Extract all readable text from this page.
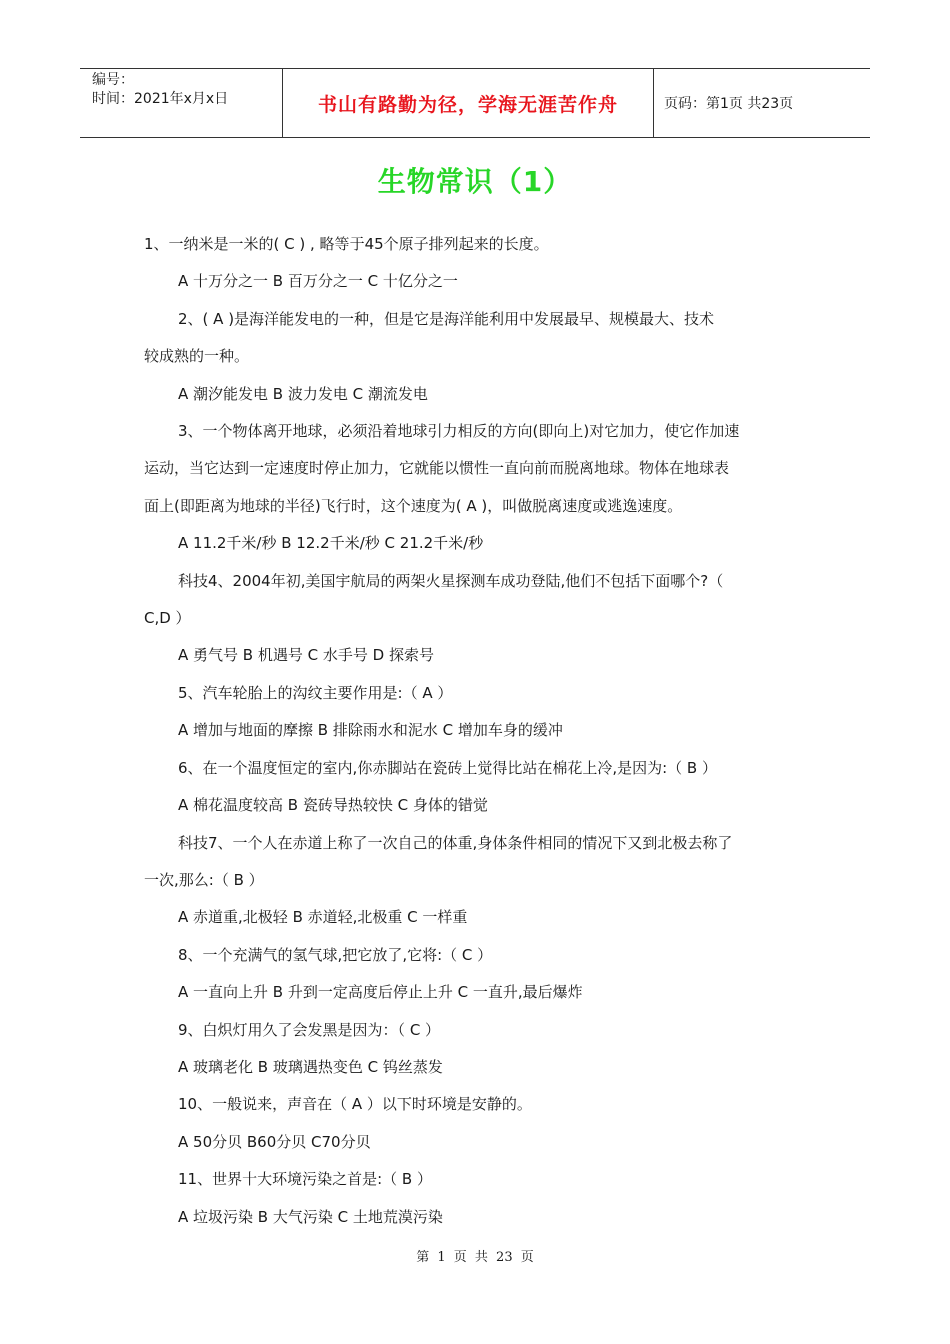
编号：
时间：2021年x月x日	书山有路勤为径，学海无涯苦作舟	页码：第1页 共23页
生物常识（1）
1、一纳米是一米的( C ) , 略等于45个原子排列起来的长度。
A 十万分之一 B 百万分之一 C 十亿分之一
2、( A )是海洋能发电的一种，但是它是海洋能利用中发展最早、规模最大、技术
较成熟的一种。
A 潮汐能发电 B 波力发电 C 潮流发电
3、一个物体离开地球，必须沿着地球引力相反的方向(即向上)对它加力，使它作加速
运动，当它达到一定速度时停止加力，它就能以惯性一直向前而脱离地球。物体在地球表
面上(即距离为地球的半径)飞行时，这个速度为( A )，叫做脱离速度或逃逸速度。
A 11.2千米/秒 B 12.2千米/秒 C 21.2千米/秒
科技4、2004年初,美国宇航局的两架火星探测车成功登陆,他们不包括下面哪个?（
C,D ）
A 勇气号 B 机遇号 C 水手号 D 探索号
5、汽车轮胎上的沟纹主要作用是:（ A ）
A 增加与地面的摩擦 B 排除雨水和泥水 C 增加车身的缓冲
6、在一个温度恒定的室内,你赤脚站在瓷砖上觉得比站在棉花上冷,是因为:（ B ）
A 棉花温度较高 B 瓷砖导热较快 C 身体的错觉
科技7、一个人在赤道上称了一次自己的体重,身体条件相同的情况下又到北极去称了
一次,那么:（ B ）
A 赤道重,北极轻 B 赤道轻,北极重 C 一样重
8、一个充满气的氢气球,把它放了,它将:（ C ）
A 一直向上升 B 升到一定高度后停止上升 C 一直升,最后爆炸
9、白炽灯用久了会发黑是因为：（ C ）
A 玻璃老化 B 玻璃遇热变色 C 钨丝蒸发
10、一般说来，声音在（ A ）以下时环境是安静的。
A 50分贝 B60分贝 C70分贝
11、世界十大环境污染之首是:（ B ）
A 垃圾污染 B 大气污染 C 土地荒漠污染
第 1 页 共 23 页
